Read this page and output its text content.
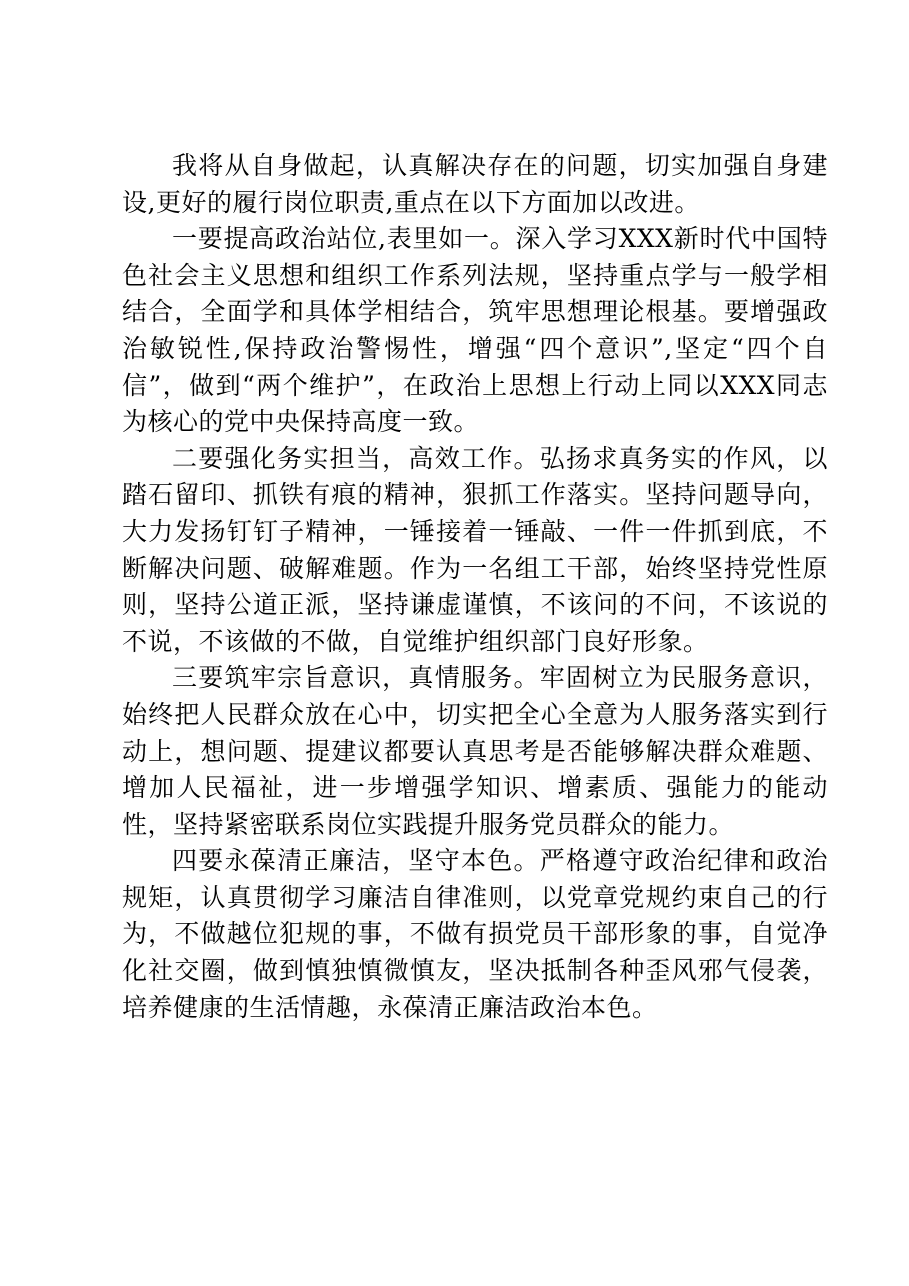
我将从自身做起，认真解决存在的问题，切实加强自身建设,更好的履行岗位职责,重点在以下方面加以改进。

一要提高政治站位,表里如一。深入学习XXX新时代中国特色社会主义思想和组织工作系列法规，坚持重点学与一般学相结合，全面学和具体学相结合，筑牢思想理论根基。要增强政治敏锐性,保持政治警惕性，增强“四个意识”,坚定“四个自信”，做到“两个维护”，在政治上思想上行动上同以XXX同志为核心的党中央保持高度一致。

二要强化务实担当，高效工作。弘扬求真务实的作风，以踏石留印、抓铁有痕的精神，狠抓工作落实。坚持问题导向，大力发扬钉钉子精神，一锤接着一锤敲、一件一件抓到底，不断解决问题、破解难题。作为一名组工干部，始终坚持党性原则，坚持公道正派，坚持谦虚谨慎，不该问的不问，不该说的不说，不该做的不做，自觉维护组织部门良好形象。

三要筑牢宗旨意识，真情服务。牢固树立为民服务意识，始终把人民群众放在心中，切实把全心全意为人服务落实到行动上，想问题、提建议都要认真思考是否能够解决群众难题、增加人民福祉，进一步增强学知识、增素质、强能力的能动性，坚持紧密联系岗位实践提升服务党员群众的能力。

四要永葆清正廉洁，坚守本色。严格遵守政治纪律和政治规矩，认真贯彻学习廉洁自律准则，以党章党规约束自己的行为，不做越位犯规的事，不做有损党员干部形象的事，自觉净化社交圈，做到慎独慎微慎友，坚决抵制各种歪风邪气侵袭，培养健康的生活情趣，永葆清正廉洁政治本色。
